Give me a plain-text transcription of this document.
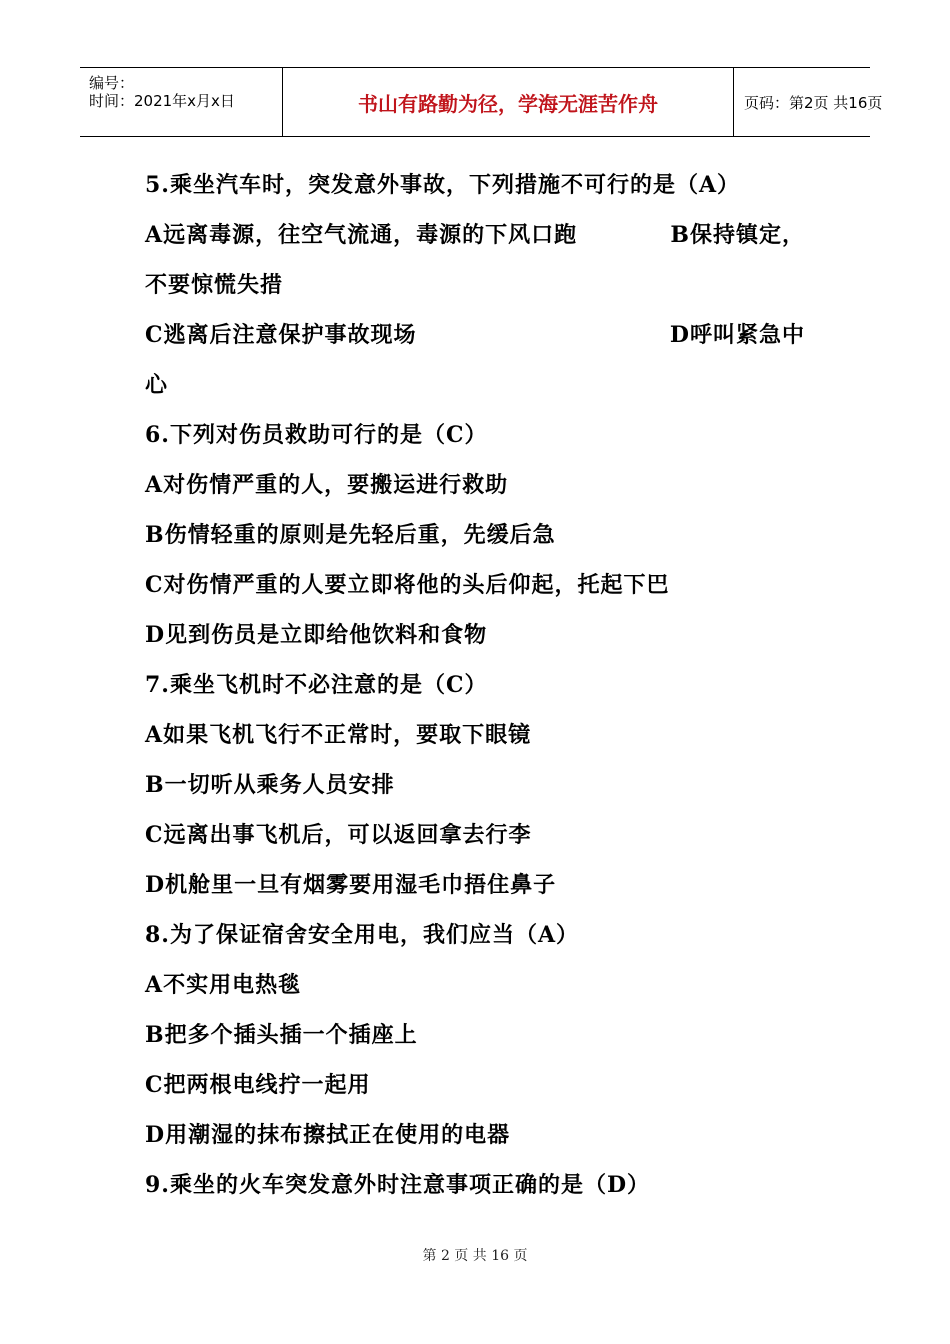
编号：
时间：2021年x月x日	书山有路勤为径，学海无涯苦作舟	页码：第2页 共16页
5.乘坐汽车时，突发意外事故，下列措施不可行的是（A）
A远离毒源，往空气流通，毒源的下风口跑	B保持镇定，
不要惊慌失措
C逃离后注意保护事故现场	D呼叫紧急中
心
6.下列对伤员救助可行的是（C）
A对伤情严重的人，要搬运进行救助
B伤情轻重的原则是先轻后重，先缓后急
C对伤情严重的人要立即将他的头后仰起，托起下巴
D见到伤员是立即给他饮料和食物
7.乘坐飞机时不必注意的是（C）
A如果飞机飞行不正常时，要取下眼镜
B一切听从乘务人员安排
C远离出事飞机后，可以返回拿去行李
D机舱里一旦有烟雾要用湿毛巾捂住鼻子
8.为了保证宿舍安全用电，我们应当（A）
A不实用电热毯
B把多个插头插一个插座上
C把两根电线拧一起用
D用潮湿的抹布擦拭正在使用的电器
9.乘坐的火车突发意外时注意事项正确的是（D）
第 2 页 共 16 页
